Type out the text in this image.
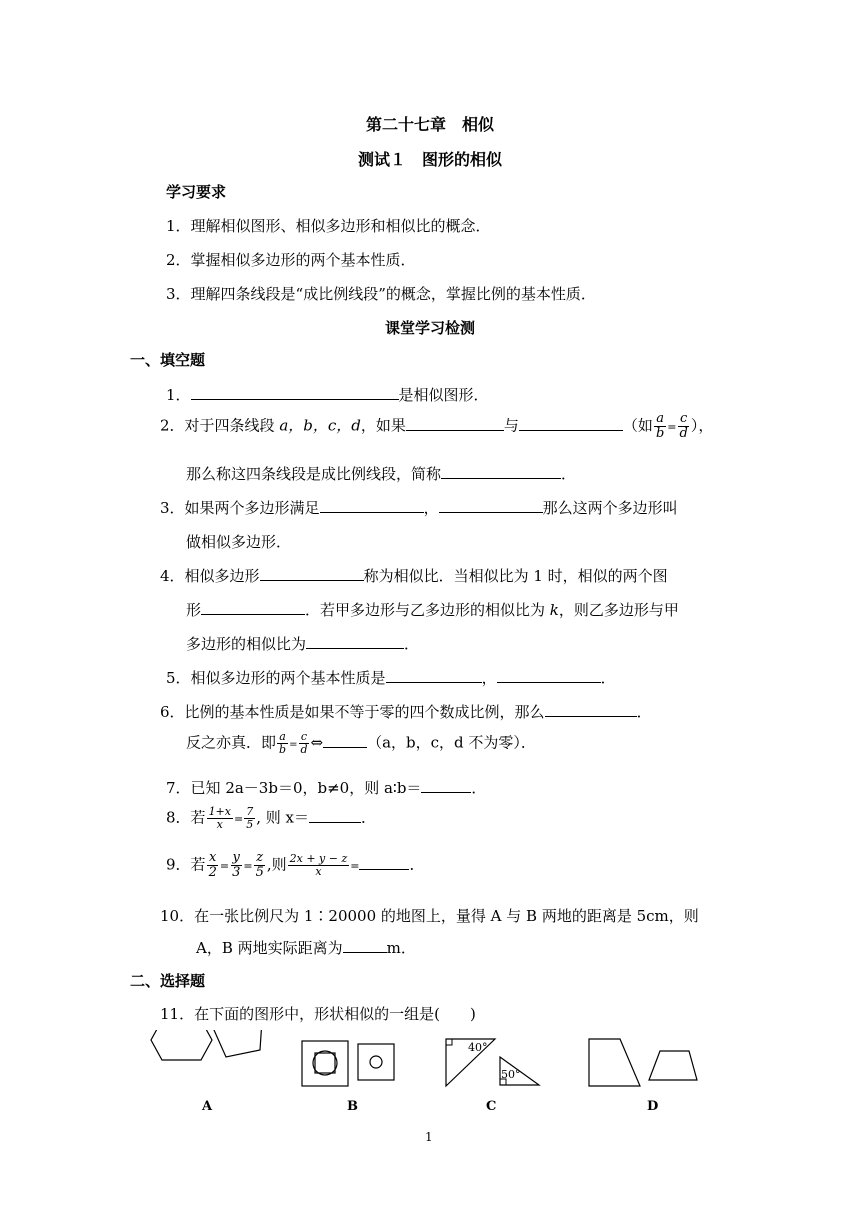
第二十七章　相似
测试１　图形的相似
学习要求
1．理解相似图形、相似多边形和相似比的概念．
2．掌握相似多边形的两个基本性质．
3．理解四条线段是“成比例线段”的概念，掌握比例的基本性质．
课堂学习检测
一、填空题
1．	是相似图形．
2．对于四条线段 a，b，c，d，如果	与	（如 $\frac{a}{b} = \frac{c}{d}$ ），
那么称这四条线段是成比例线段，简称	．
3．如果两个多边形满足	，	那么这两个多边形叫
做相似多边形．
4．相似多边形	称为相似比．当相似比为 1 时，相似的两个图
形	．若甲多边形与乙多边形的相似比为 k，则乙多边形与甲
多边形的相似比为	．
5．相似多边形的两个基本性质是	，	．
6．比例的基本性质是如果不等于零的四个数成比例，那么	．
反之亦真．即 $\frac{a}{b} = \frac{c}{d}$ ⇔	（a，b，c，d 不为零）．
7．已知 2a－3b＝0，b≠0，则 a∶b＝	．
8．若 $\frac{1+x}{x} = \frac{7}{5}$ , 则 x＝	．
9．若 $\frac{x}{2} = \frac{y}{3} = \frac{z}{5}$ ,则 $\frac{2x + y - z}{x}$ =	．
10．在一张比例尺为 1∶20000 的地图上，量得 A 与 B 两地的距离是 5cm，则
A，B 两地实际距离为	m．
二、选择题
11．在下面的图形中，形状相似的一组是(　　)
40°
50°
A	B	C	D
1
